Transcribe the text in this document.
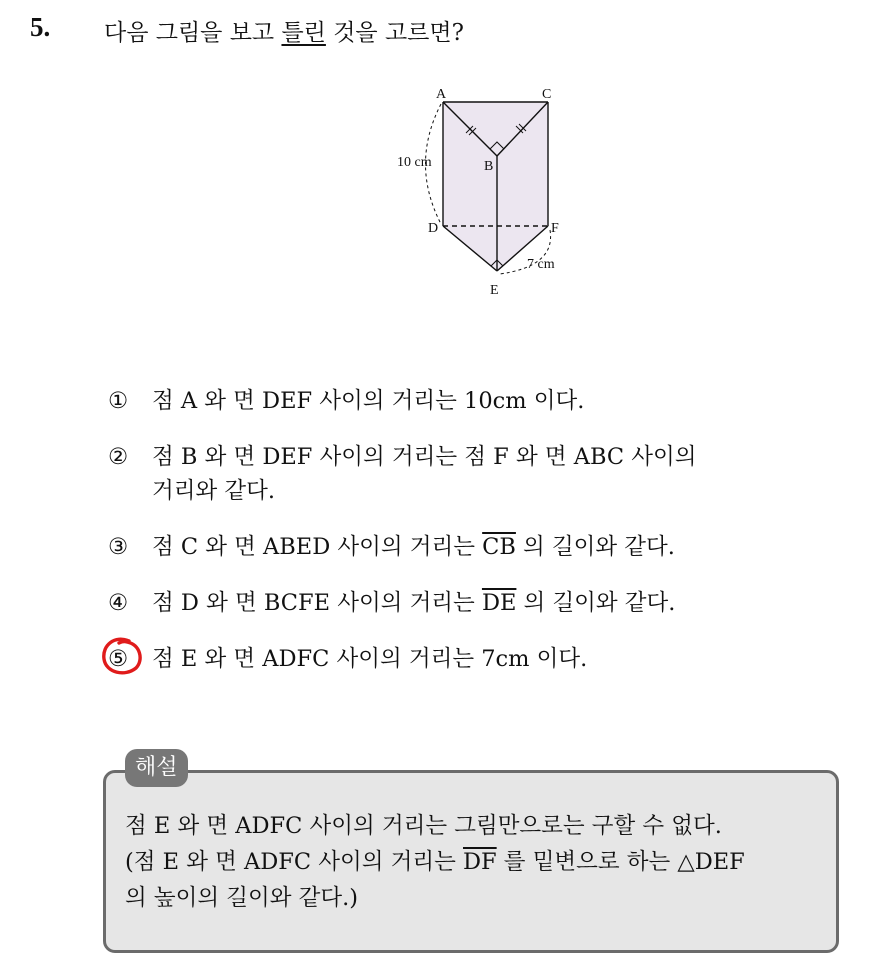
5. 다음 그림을 보고 틀린 것을 고르면?
A	C
B
D	F
E
10 cm
7 cm
①	점 A 와 면 DEF 사이의 거리는 10cm 이다.
②	점 B 와 면 DEF 사이의 거리는 점 F 와 면 ABC 사이의
거리와 같다.
③	점 C 와 면 ABED 사이의 거리는 $\overline{CB}$ 의 길이와 같다.
④	점 D 와 면 BCFE 사이의 거리는 $\overline{DE}$ 의 길이와 같다.
⑤	점 E 와 면 ADFC 사이의 거리는 7cm 이다.
해설
점 E 와 면 ADFC 사이의 거리는 그림만으로는 구할 수 없다.
(점 E 와 면 ADFC 사이의 거리는 $\overline{DF}$ 를 밑변으로 하는 △DEF
의 높이의 길이와 같다.)
